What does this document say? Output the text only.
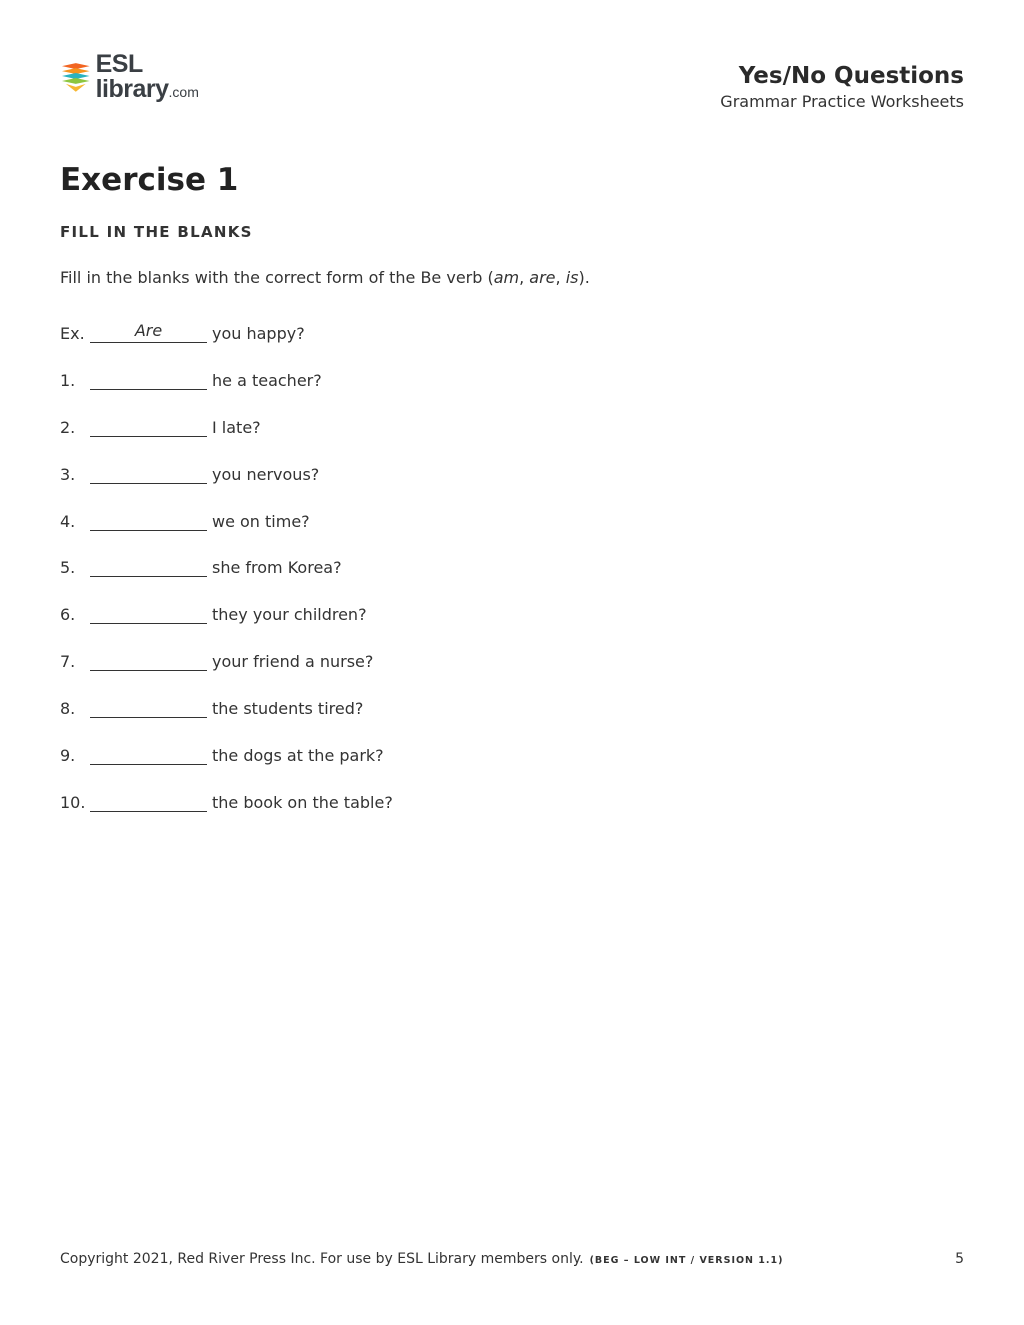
ESL library.com
Yes/No Questions
Grammar Practice Worksheets
Exercise 1
FILL IN THE BLANKS
Fill in the blanks with the correct form of the Be verb (am, are, is).
Ex.	Are	you happy?
1.	he a teacher?
2.	I late?
3.	you nervous?
4.	we on time?
5.	she from Korea?
6.	they your children?
7.	your friend a nurse?
8.	the students tired?
9.	the dogs at the park?
10.	the book on the table?
Copyright 2021, Red River Press Inc. For use by ESL Library members only. (BEG – LOW INT / VERSION 1.1)	5
